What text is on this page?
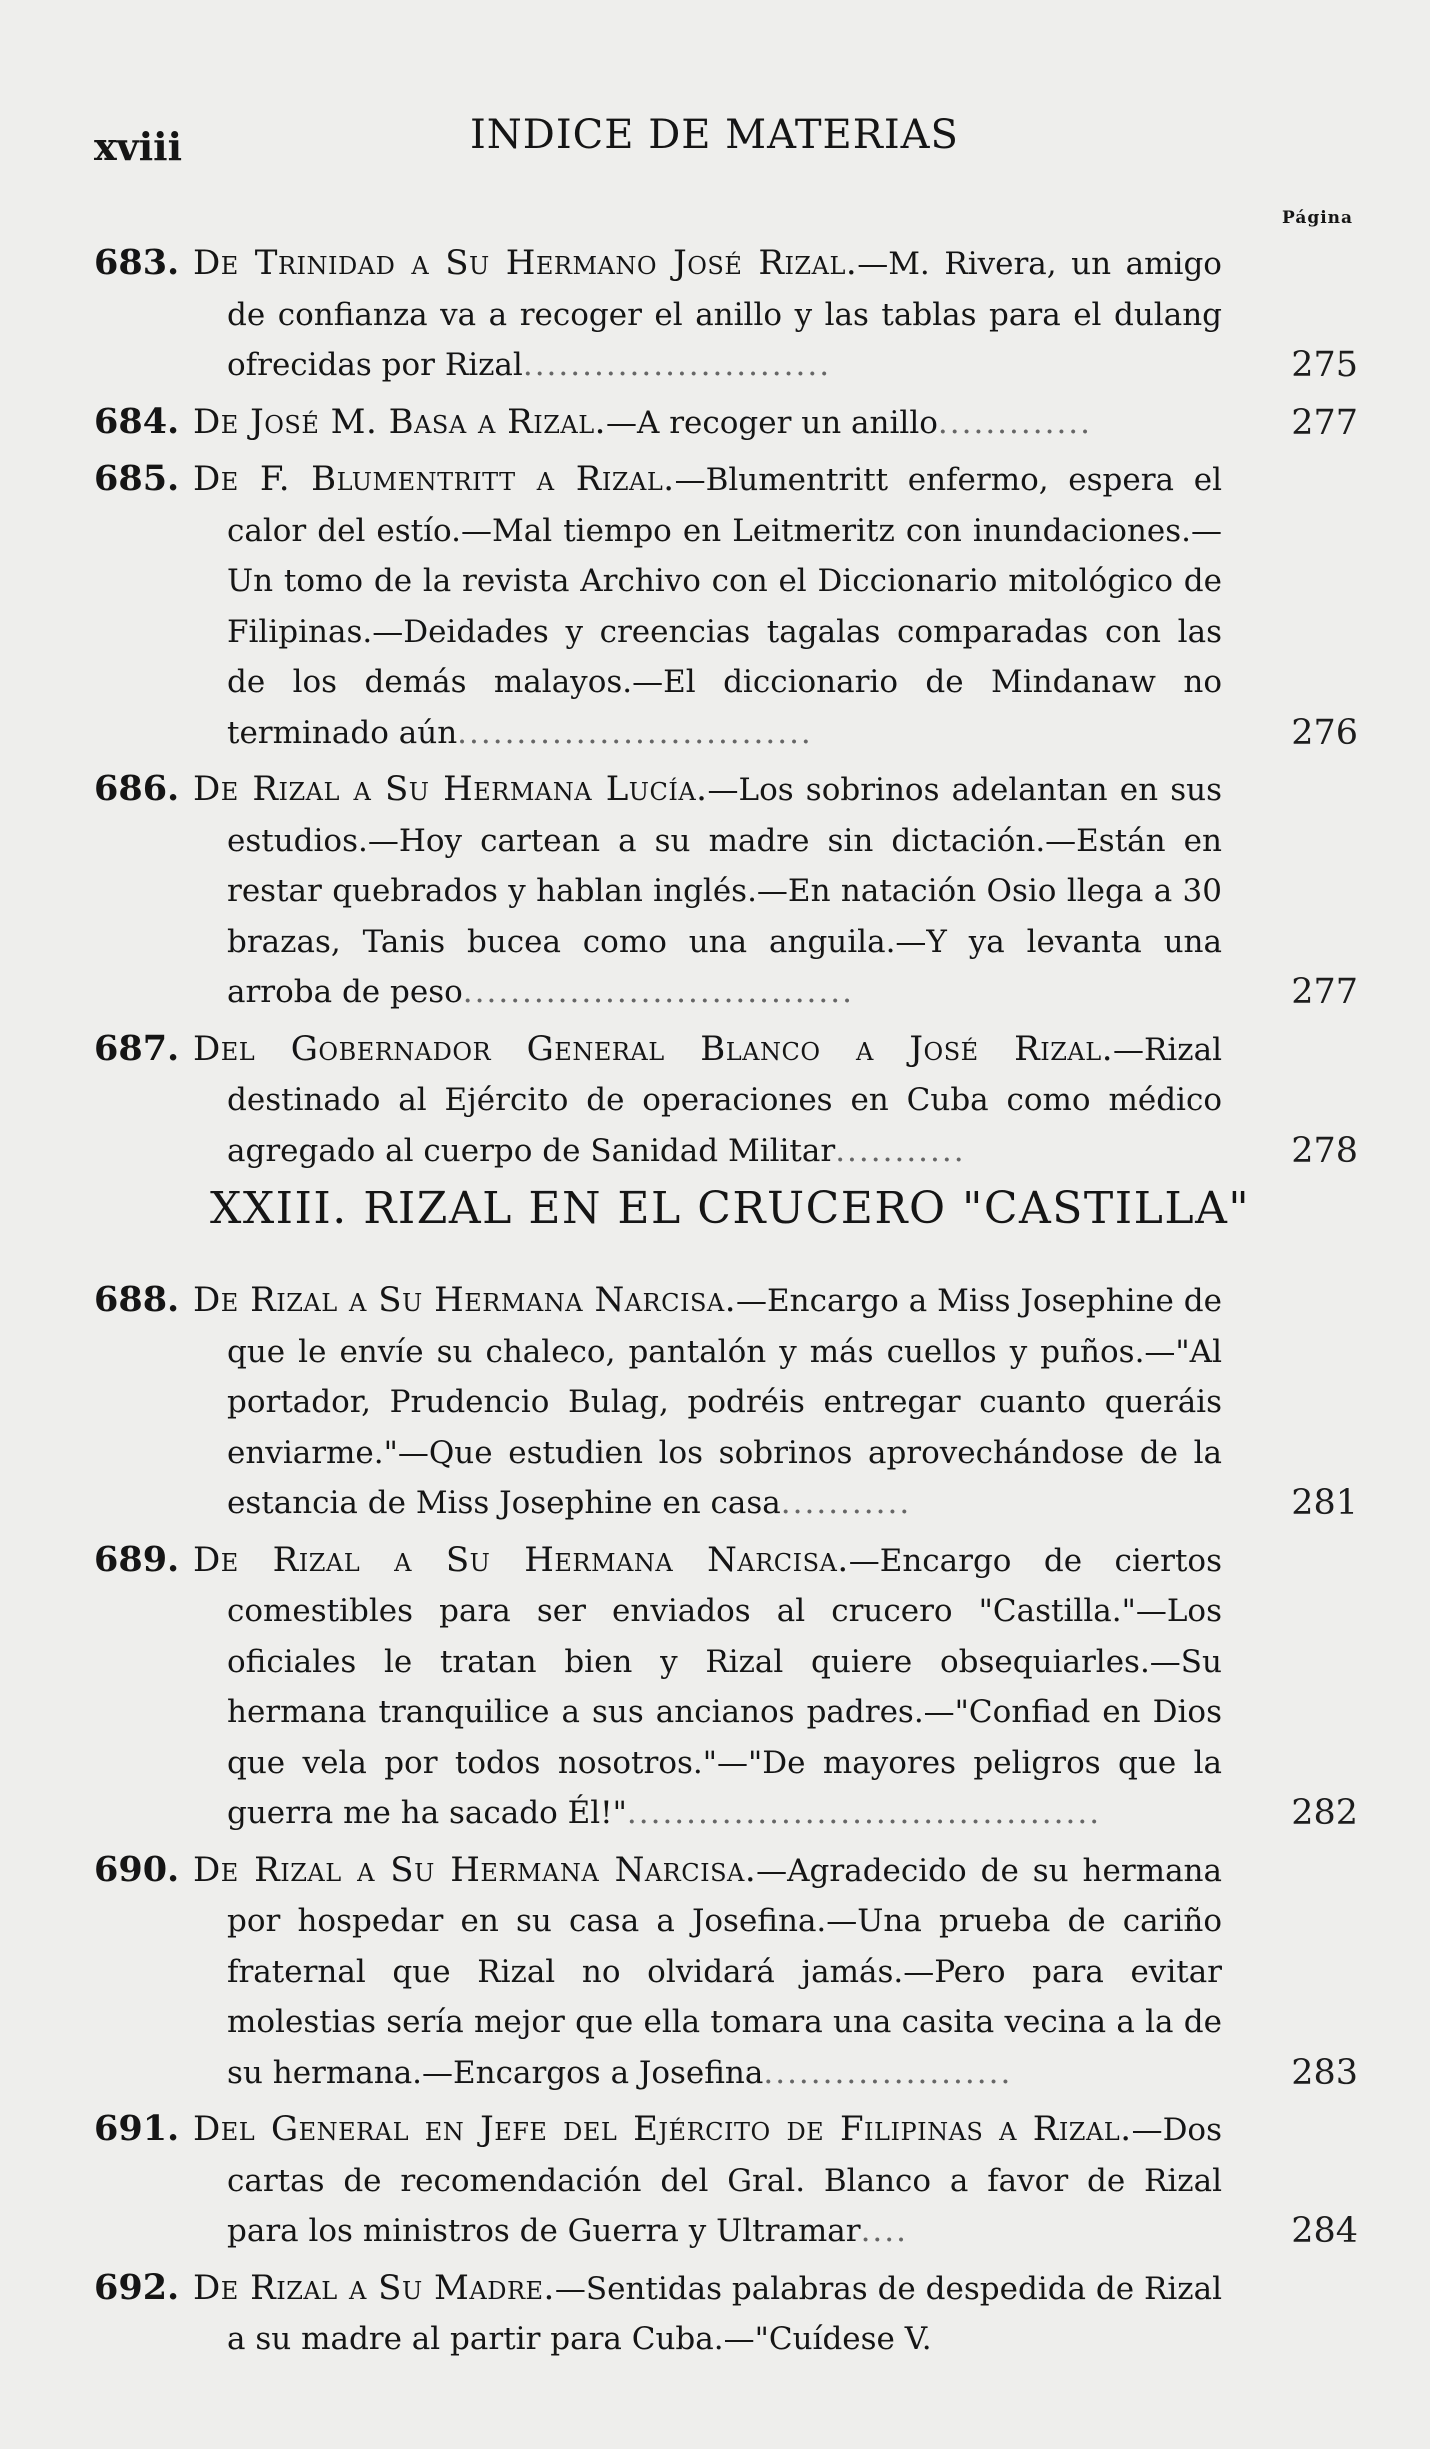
xviii	INDICE DE MATERIAS
Página
683. De Trinidad a Su Hermano José Rizal.—M. Rivera, un amigo de confianza va a recoger el anillo y las tablas para el dulang ofrecidas por Rizal..........................	275
684. De José M. Basa a Rizal.—A recoger un anillo.............	277
685. De F. Blumentritt a Rizal.—Blumentritt enfermo, espera el calor del estío.—Mal tiempo en Leitmeritz con inundaciones.—Un tomo de la revista Archivo con el Diccionario mitológico de Filipinas.—Deidades y creencias tagalas comparadas con las de los demás malayos.—El diccionario de Mindanaw no terminado aún..............................	276
686. De Rizal a Su Hermana Lucía.—Los sobrinos adelantan en sus estudios.—Hoy cartean a su madre sin dictación.—Están en restar quebrados y hablan inglés.—En natación Osio llega a 30 brazas, Tanis bucea como una anguila.—Y ya levanta una arroba de peso.................................	277
687. Del Gobernador General Blanco a José Rizal.—Rizal destinado al Ejército de operaciones en Cuba como médico agregado al cuerpo de Sanidad Militar...........	278
XXIII. RIZAL EN EL CRUCERO "CASTILLA"
688. De Rizal a Su Hermana Narcisa.—Encargo a Miss Josephine de que le envíe su chaleco, pantalón y más cuellos y puños.—"Al portador, Prudencio Bulag, podréis entregar cuanto queráis enviarme."—Que estudien los sobrinos aprovechándose de la estancia de Miss Josephine en casa...........	281
689. De Rizal a Su Hermana Narcisa.—Encargo de ciertos comestibles para ser enviados al crucero "Castilla."—Los oficiales le tratan bien y Rizal quiere obsequiarles.—Su hermana tranquilice a sus ancianos padres.—"Confiad en Dios que vela por todos nosotros."—"De mayores peligros que la guerra me ha sacado Él!"........................................	282
690. De Rizal a Su Hermana Narcisa.—Agradecido de su hermana por hospedar en su casa a Josefina.—Una prueba de cariño fraternal que Rizal no olvidará jamás.—Pero para evitar molestias sería mejor que ella tomara una casita vecina a la de su hermana.—Encargos a Josefina.....................	283
691. Del General en Jefe del Ejército de Filipinas a Rizal.—Dos cartas de recomendación del Gral. Blanco a favor de Rizal para los ministros de Guerra y Ultramar....	284
692. De Rizal a Su Madre.—Sentidas palabras de despedida de Rizal a su madre al partir para Cuba.—"Cuídese V.
